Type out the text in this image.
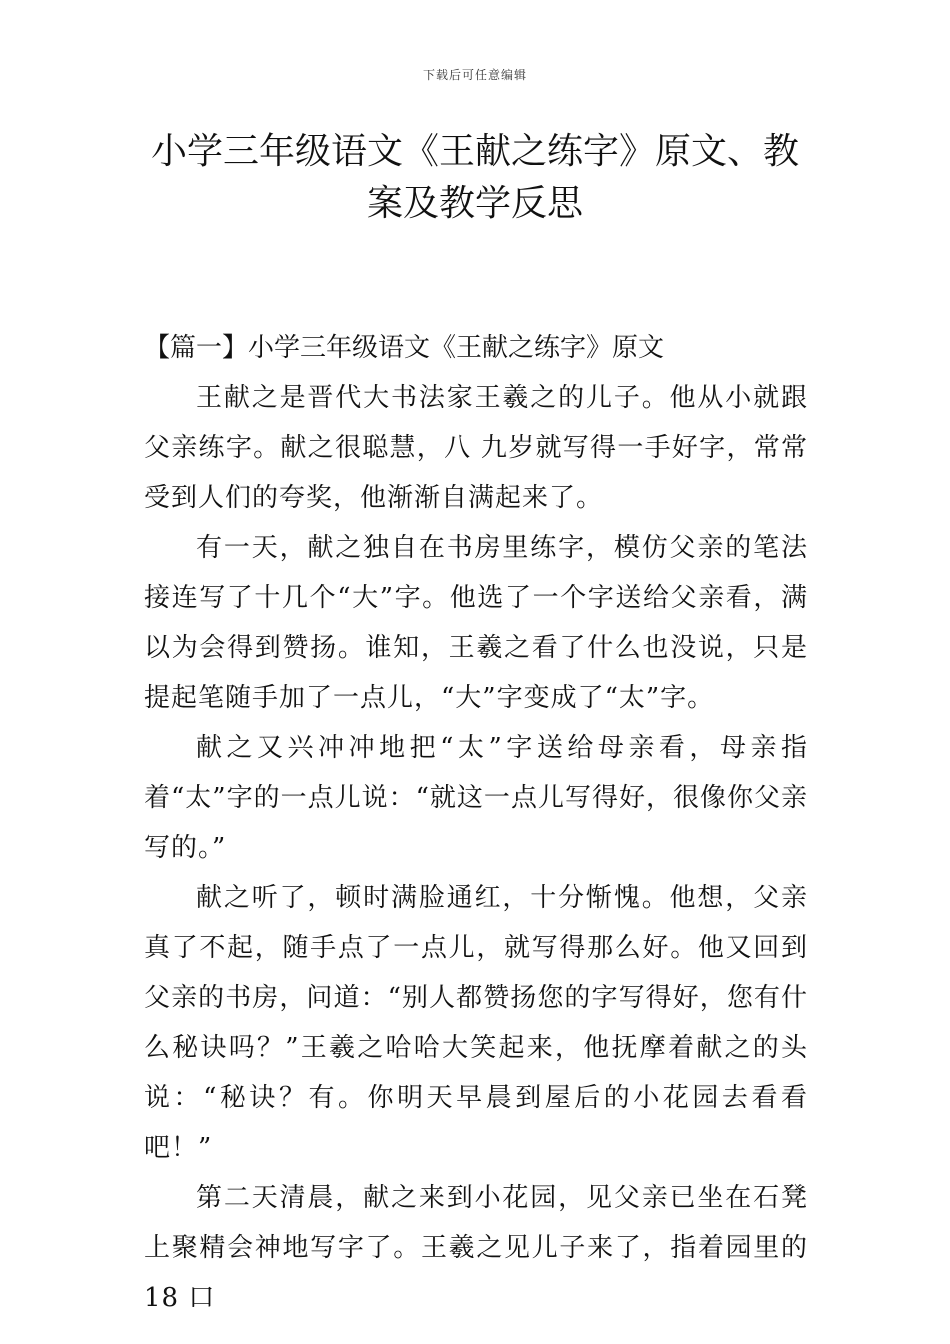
下载后可任意编辑
小学三年级语文《王献之练字》原文、教案及教学反思

【篇一】小学三年级语文《王献之练字》原文

王献之是晋代大书法家王羲之的儿子。他从小就跟父亲练字。献之很聪慧，八 九岁就写得一手好字，常常受到人们的夸奖，他渐渐自满起来了。

有一天，献之独自在书房里练字，模仿父亲的笔法接连写了十几个“大”字。他选了一个字送给父亲看，满以为会得到赞扬。谁知，王羲之看了什么也没说，只是提起笔随手加了一点儿，“大”字变成了“太”字。

献之又兴冲冲地把“太”字送给母亲看，母亲指着“太”字的一点儿说：“就这一点儿写得好，很像你父亲写的。”

献之听了，顿时满脸通红，十分惭愧。他想，父亲真了不起，随手点了一点儿，就写得那么好。他又回到父亲的书房，问道：“别人都赞扬您的字写得好，您有什么秘诀吗？”王羲之哈哈大笑起来，他抚摩着献之的头说：“秘诀？有。你明天早晨到屋后的小花园去看看吧！”

第二天清晨，献之来到小花园，见父亲已坐在石凳上聚精会神地写字了。王羲之见儿子来了，指着园里的 18 口
